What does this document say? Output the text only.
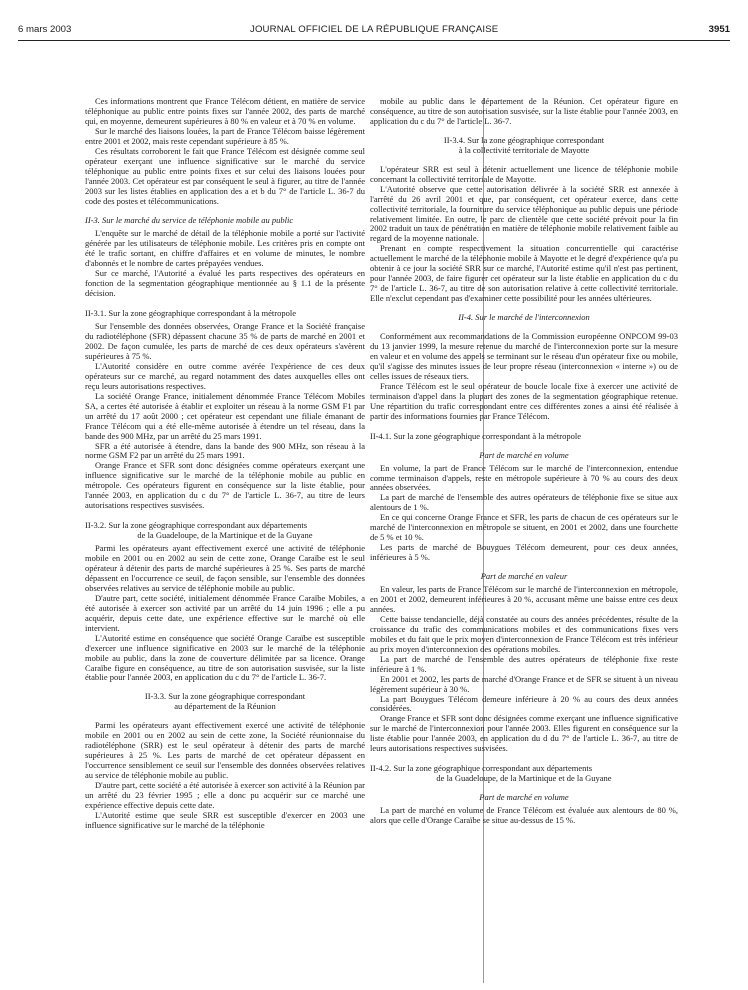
6 mars 2003	JOURNAL OFFICIEL DE LA RÉPUBLIQUE FRANÇAISE	3951

Ces informations montrent que France Télécom détient, en matière de service téléphonique au public entre points fixes sur l'année 2002, des parts de marché qui, en moyenne, demeurent supérieures à 80 % en valeur et à 70 % en volume.

Sur le marché des liaisons louées, la part de France Télécom baisse légèrement entre 2001 et 2002, mais reste cependant supérieure à 85 %.

Ces résultats corroborent le fait que France Télécom est désignée comme seul opérateur exerçant une influence significative sur le marché du service téléphonique au public entre points fixes et sur celui des liaisons louées pour l'année 2003. Cet opérateur est par conséquent le seul à figurer, au titre de l'année 2003 sur les listes établies en application des a et b du 7° de l'article L. 36-7 du code des postes et télécommunications.

II-3. Sur le marché du service de téléphonie mobile au public

L'enquête sur le marché de détail de la téléphonie mobile a porté sur l'activité générée par les utilisateurs de téléphonie mobile. Les critères pris en compte ont été le trafic sortant, en chiffre d'affaires et en volume de minutes, le nombre d'abonnés et le nombre de cartes prépayées vendues.

Sur ce marché, l'Autorité a évalué les parts respectives des opérateurs en fonction de la segmentation géographique mentionnée au § 1.1 de la présente décision.

II-3.1. Sur la zone géographique correspondant à la métropole

Sur l'ensemble des données observées, Orange France et la Société française du radiotéléphone (SFR) dépassent chacune 35 % de parts de marché en 2001 et 2002. De façon cumulée, les parts de marché de ces deux opérateurs s'avèrent supérieures à 75 %.

L'Autorité considère en outre comme avérée l'expérience de ces deux opérateurs sur ce marché, au regard notamment des dates auxquelles elles ont reçu leurs autorisations respectives.

La société Orange France, initialement dénommée France Télécom Mobiles SA, a certes été autorisée à établir et exploiter un réseau à la norme GSM F1 par un arrêté du 17 août 2000 ; cet opérateur est cependant une filiale émanant de France Télécom qui a été elle-même autorisée à étendre un tel réseau, dans la bande des 900 MHz, par un arrêté du 25 mars 1991.

SFR a été autorisée à étendre, dans la bande des 900 MHz, son réseau à la norme GSM F2 par un arrêté du 25 mars 1991.

Orange France et SFR sont donc désignées comme opérateurs exerçant une influence significative sur le marché de la téléphonie mobile au public en métropole. Ces opérateurs figurent en conséquence sur la liste établie, pour l'année 2003, en application du c du 7° de l'article L. 36-7, au titre de leurs autorisations respectives susvisées.

II-3.2. Sur la zone géographique correspondant aux départements

de la Guadeloupe, de la Martinique et de la Guyane

Parmi les opérateurs ayant effectivement exercé une activité de téléphonie mobile en 2001 ou en 2002 au sein de cette zone, Orange Caraïbe est le seul opérateur à détenir des parts de marché supérieures à 25 %. Ses parts de marché dépassent en l'occurrence ce seuil, de façon sensible, sur l'ensemble des données observées relatives au service de téléphonie mobile au public.

D'autre part, cette société, initialement dénommée France Caraïbe Mobiles, a été autorisée à exercer son activité par un arrêté du 14 juin 1996 ; elle a pu acquérir, depuis cette date, une expérience effective sur le marché où elle intervient.

L'Autorité estime en conséquence que société Orange Caraïbe est susceptible d'exercer une influence significative en 2003 sur le marché de la téléphonie mobile au public, dans la zone de couverture délimitée par sa licence. Orange Caraïbe figure en conséquence, au titre de son autorisation susvisée, sur la liste établie pour l'année 2003, en application du c du 7° de l'article L. 36-7.

II-3.3. Sur la zone géographique correspondant

au département de la Réunion

Parmi les opérateurs ayant effectivement exercé une activité de téléphonie mobile en 2001 ou en 2002 au sein de cette zone, la Société réunionnaise du radiotéléphone (SRR) est le seul opérateur à détenir des parts de marché supérieures à 25 %. Les parts de marché de cet opérateur dépassent en l'occurrence sensiblement ce seuil sur l'ensemble des données observées relatives au service de téléphonie mobile au public.

D'autre part, cette société a été autorisée à exercer son activité à la Réunion par un arrêté du 23 février 1995 ; elle a donc pu acquérir sur ce marché une expérience effective depuis cette date.

L'Autorité estime que seule SRR est susceptible d'exercer en 2003 une influence significative sur le marché de la téléphonie

mobile au public dans le département de la Réunion. Cet opérateur figure en conséquence, au titre de son autorisation susvisée, sur la liste établie pour l'année 2003, en application du c du 7° de l'article L. 36-7.

II-3.4. Sur la zone géographique correspondant

à la collectivité territoriale de Mayotte

L'opérateur SRR est seul à détenir actuellement une licence de téléphonie mobile concernant la collectivité territoriale de Mayotte.

L'Autorité observe que cette autorisation délivrée à la société SRR est annexée à l'arrêté du 26 avril 2001 et que, par conséquent, cet opérateur exerce, dans cette collectivité territoriale, la fourniture du service téléphonique au public depuis une période relativement limitée. En outre, le parc de clientèle que cette société prévoit pour la fin 2002 traduit un taux de pénétration en matière de téléphonie mobile relativement faible au regard de la moyenne nationale.

Prenant en compte respectivement la situation concurrentielle qui caractérise actuellement le marché de la téléphonie mobile à Mayotte et le degré d'expérience qu'a pu obtenir à ce jour la société SRR sur ce marché, l'Autorité estime qu'il n'est pas pertinent, pour l'année 2003, de faire figurer cet opérateur sur la liste établie en application du c du 7° de l'article L. 36-7, au titre de son autorisation relative à cette collectivité territoriale. Elle n'exclut cependant pas d'examiner cette possibilité pour les années ultérieures.

II-4. Sur le marché de l'interconnexion

Conformément aux recommandations de la Commission européenne ONPCOM 99-03 du 13 janvier 1999, la mesure retenue du marché de l'interconnexion porte sur la mesure en valeur et en volume des appels se terminant sur le réseau d'un opérateur fixe ou mobile, qu'il s'agisse des minutes issues de leur propre réseau (interconnexion « interne ») ou de celles issues de réseaux tiers.

France Télécom est le seul opérateur de boucle locale fixe à exercer une activité de terminaison d'appel dans la plupart des zones de la segmentation géographique retenue. Une répartition du trafic correspondant entre ces différentes zones a ainsi été réalisée à partir des informations fournies par France Télécom.

II-4.1. Sur la zone géographique correspondant à la métropole

Part de marché en volume

En volume, la part de France Télécom sur le marché de l'interconnexion, entendue comme terminaison d'appels, reste en métropole supérieure à 70 % au cours des deux années observées.

La part de marché de l'ensemble des autres opérateurs de téléphonie fixe se situe aux alentours de 1 %.

En ce qui concerne Orange France et SFR, les parts de chacun de ces opérateurs sur le marché de l'interconnexion en métropole se situent, en 2001 et 2002, dans une fourchette de 5 % et 10 %.

Les parts de marché de Bouygues Télécom demeurent, pour ces deux années, inférieures à 5 %.

Part de marché en valeur

En valeur, les parts de France Télécom sur le marché de l'interconnexion en métropole, en 2001 et 2002, demeurent inférieures à 20 %, accusant même une baisse entre ces deux années.

Cette baisse tendancielle, déjà constatée au cours des années précédentes, résulte de la croissance du trafic des communications mobiles et des communications fixes vers mobiles et du fait que le prix moyen d'interconnexion de France Télécom est très inférieur au prix moyen d'interconnexion des opérations mobiles.

La part de marché de l'ensemble des autres opérateurs de téléphonie fixe reste inférieure à 1 %.

En 2001 et 2002, les parts de marché d'Orange France et de SFR se situent à un niveau légèrement supérieur à 30 %.

La part Bouygues Télécom demeure inférieure à 20 % au cours des deux années considérées.

Orange France et SFR sont donc désignées comme exerçant une influence significative sur le marché de l'interconnexion pour l'année 2003. Elles figurent en conséquence sur la liste établie pour l'année 2003, en application du d du 7° de l'article L. 36-7, au titre de leurs autorisations respectives susvisées.

II-4.2. Sur la zone géographique correspondant aux départements

de la Guadeloupe, de la Martinique et de la Guyane

Part de marché en volume

La part de marché en volume de France Télécom est évaluée aux alentours de 80 %, alors que celle d'Orange Caraïbe se situe au-dessus de 15 %.
